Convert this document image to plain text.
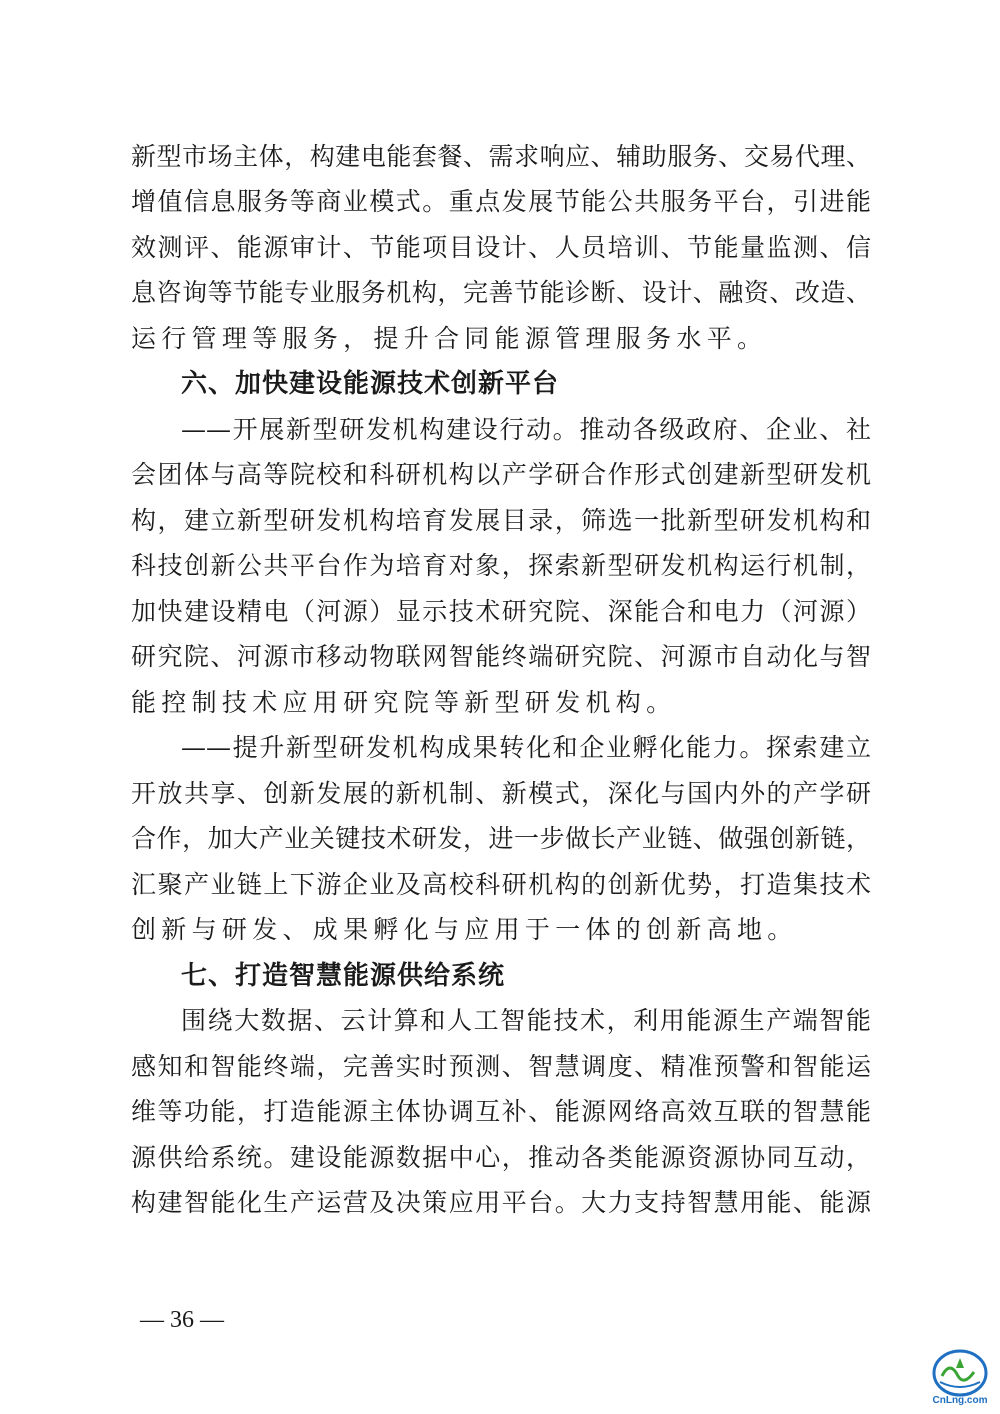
新型市场主体，构建电能套餐、需求响应、辅助服务、交易代理、
增值信息服务等商业模式。重点发展节能公共服务平台，引进能
效测评、能源审计、节能项目设计、人员培训、节能量监测、信
息咨询等节能专业服务机构，完善节能诊断、设计、融资、改造、
运行管理等服务，提升合同能源管理服务水平。
六、加快建设能源技术创新平台
——开展新型研发机构建设行动。推动各级政府、企业、社
会团体与高等院校和科研机构以产学研合作形式创建新型研发机
构，建立新型研发机构培育发展目录，筛选一批新型研发机构和
科技创新公共平台作为培育对象，探索新型研发机构运行机制，
加快建设精电（河源）显示技术研究院、深能合和电力（河源）
研究院、河源市移动物联网智能终端研究院、河源市自动化与智
能控制技术应用研究院等新型研发机构。
——提升新型研发机构成果转化和企业孵化能力。探索建立
开放共享、创新发展的新机制、新模式，深化与国内外的产学研
合作，加大产业关键技术研发，进一步做长产业链、做强创新链，
汇聚产业链上下游企业及高校科研机构的创新优势，打造集技术
创新与研发、成果孵化与应用于一体的创新高地。
七、打造智慧能源供给系统
围绕大数据、云计算和人工智能技术，利用能源生产端智能
感知和智能终端，完善实时预测、智慧调度、精准预警和智能运
维等功能，打造能源主体协调互补、能源网络高效互联的智慧能
源供给系统。建设能源数据中心，推动各类能源资源协同互动，
构建智能化生产运营及决策应用平台。大力支持智慧用能、能源
— 36 —
CnLng.com
